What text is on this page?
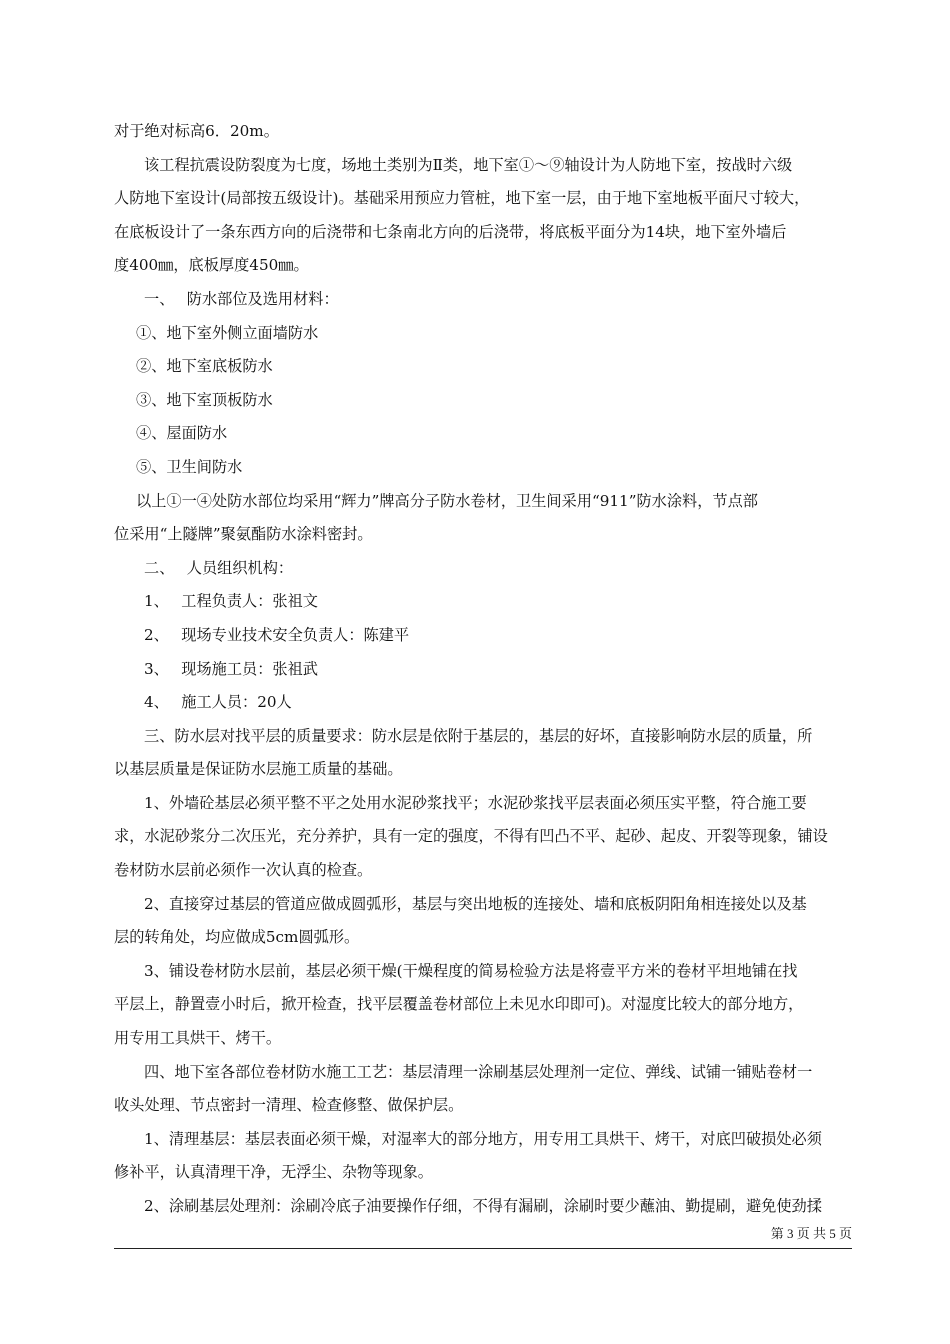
对于绝对标高6．20m。
该工程抗震设防裂度为七度，场地土类别为Ⅱ类，地下室①～⑨轴设计为人防地下室，按战时六级
人防地下室设计(局部按五级设计)。基础采用预应力管桩，地下室一层，由于地下室地板平面尺寸较大，
在底板设计了一条东西方向的后浇带和七条南北方向的后浇带，将底板平面分为14块，地下室外墙后
度400㎜，底板厚度450㎜。
一、　 防水部位及选用材料：
①、地下室外侧立面墙防水
②、地下室底板防水
③、地下室顶板防水
④、屋面防水
⑤、卫生间防水
以上①一④处防水部位均采用“辉力”牌高分子防水卷材，卫生间采用“911”防水涂料，节点部
位采用“上隧牌”聚氨酯防水涂料密封。
二、　 人员组织机构：
1、　 工程负责人：张祖文
2、　 现场专业技术安全负责人：陈建平
3、　 现场施工员：张祖武
4、　 施工人员：20人
三、防水层对找平层的质量要求：防水层是依附于基层的，基层的好坏，直接影响防水层的质量，所
以基层质量是保证防水层施工质量的基础。
1、外墙砼基层必须平整不平之处用水泥砂浆找平；水泥砂浆找平层表面必须压实平整，符合施工要
求，水泥砂浆分二次压光，充分养护，具有一定的强度，不得有凹凸不平、起砂、起皮、开裂等现象，铺设
卷材防水层前必须作一次认真的检查。
2、直接穿过基层的管道应做成圆弧形，基层与突出地板的连接处、墙和底板阴阳角相连接处以及基
层的转角处，均应做成5cm圆弧形。
3、铺设卷材防水层前，基层必须干燥(干燥程度的简易检验方法是将壹平方米的卷材平坦地铺在找
平层上，静置壹小时后，掀开检查，找平层覆盖卷材部位上未见水印即可)。对湿度比较大的部分地方，
用专用工具烘干、烤干。
四、地下室各部位卷材防水施工工艺：基层清理一涂刷基层处理剂一定位、弹线、试铺一铺贴卷材一
收头处理、节点密封一清理、检查修整、做保护层。
1、清理基层：基层表面必须干燥，对湿率大的部分地方，用专用工具烘干、烤干，对底凹破损处必须
修补平，认真清理干净，无浮尘、杂物等现象。
2、涂刷基层处理剂：涂刷冷底子油要操作仔细，不得有漏刷，涂刷时要少蘸油、勤提刷，避免使劲揉
第 3 页 共 5 页
